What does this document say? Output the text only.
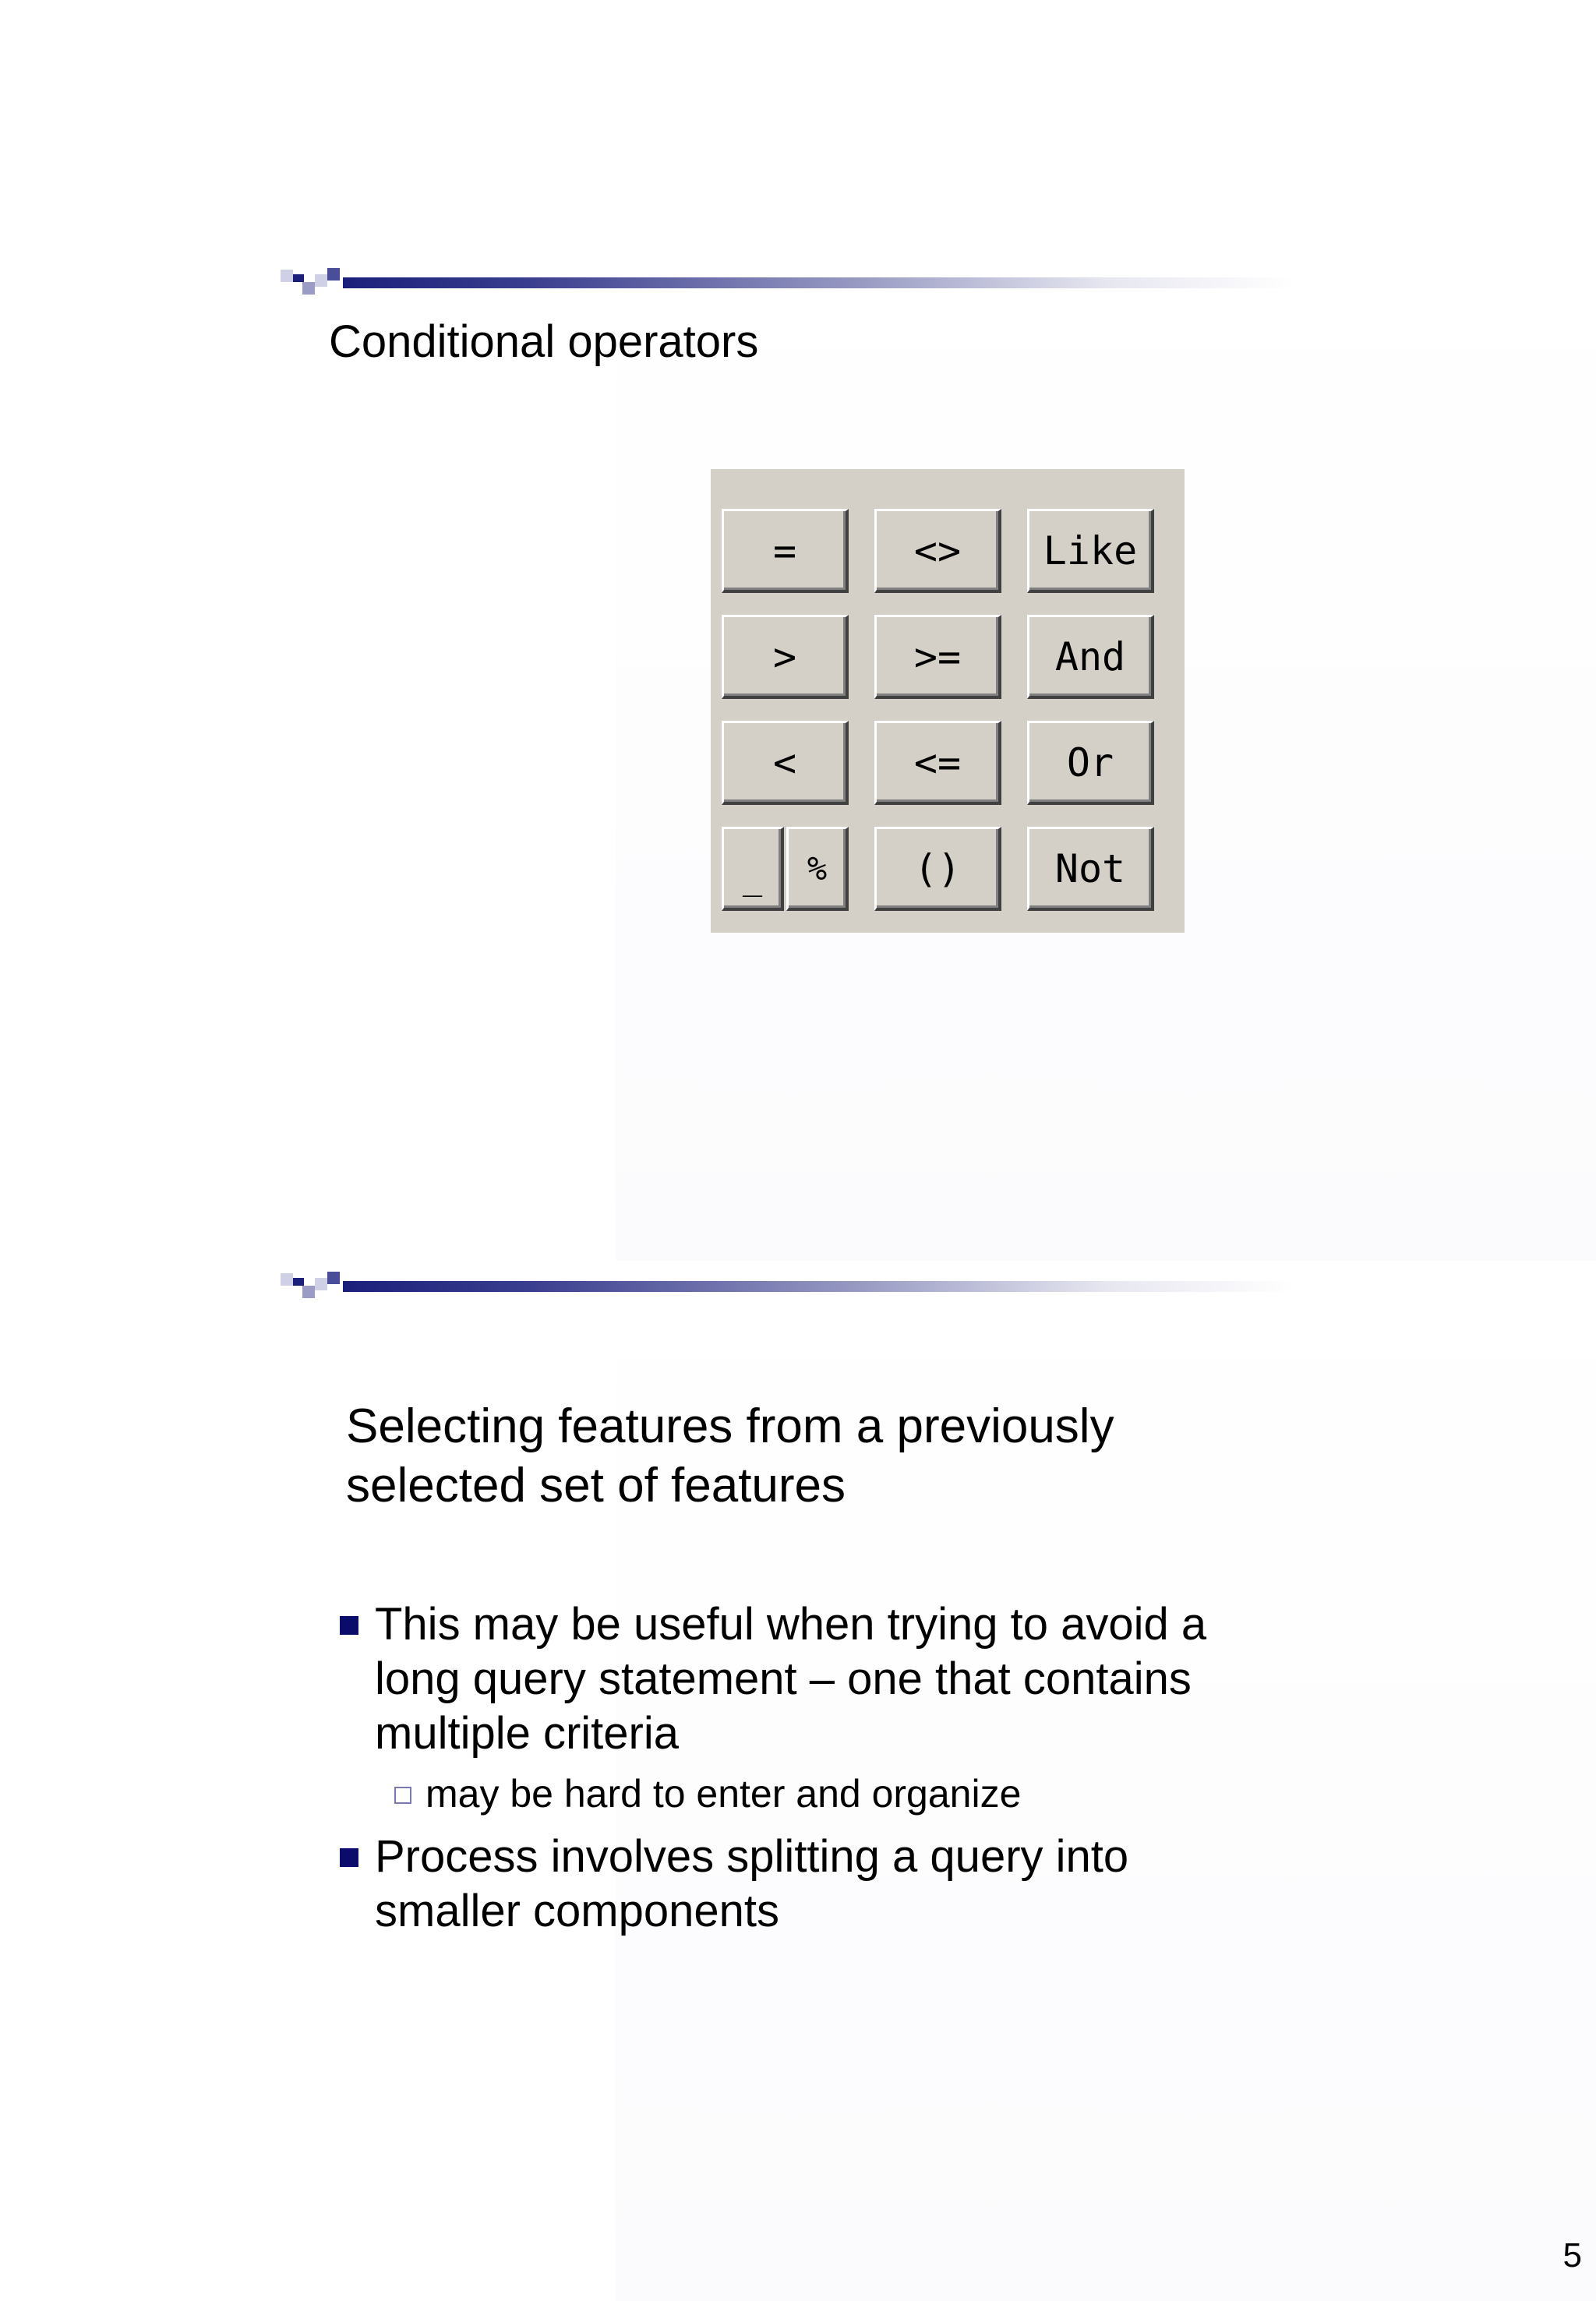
Conditional operators
=	<>	Like
>	>=	And
<	<=	Or
_	%	()	Not
Selecting features from a previously
selected set of features
This may be useful when trying to avoid a long query statement – one that contains multiple criteria
may be hard to enter and organize
Process involves splitting a query into smaller components
5
